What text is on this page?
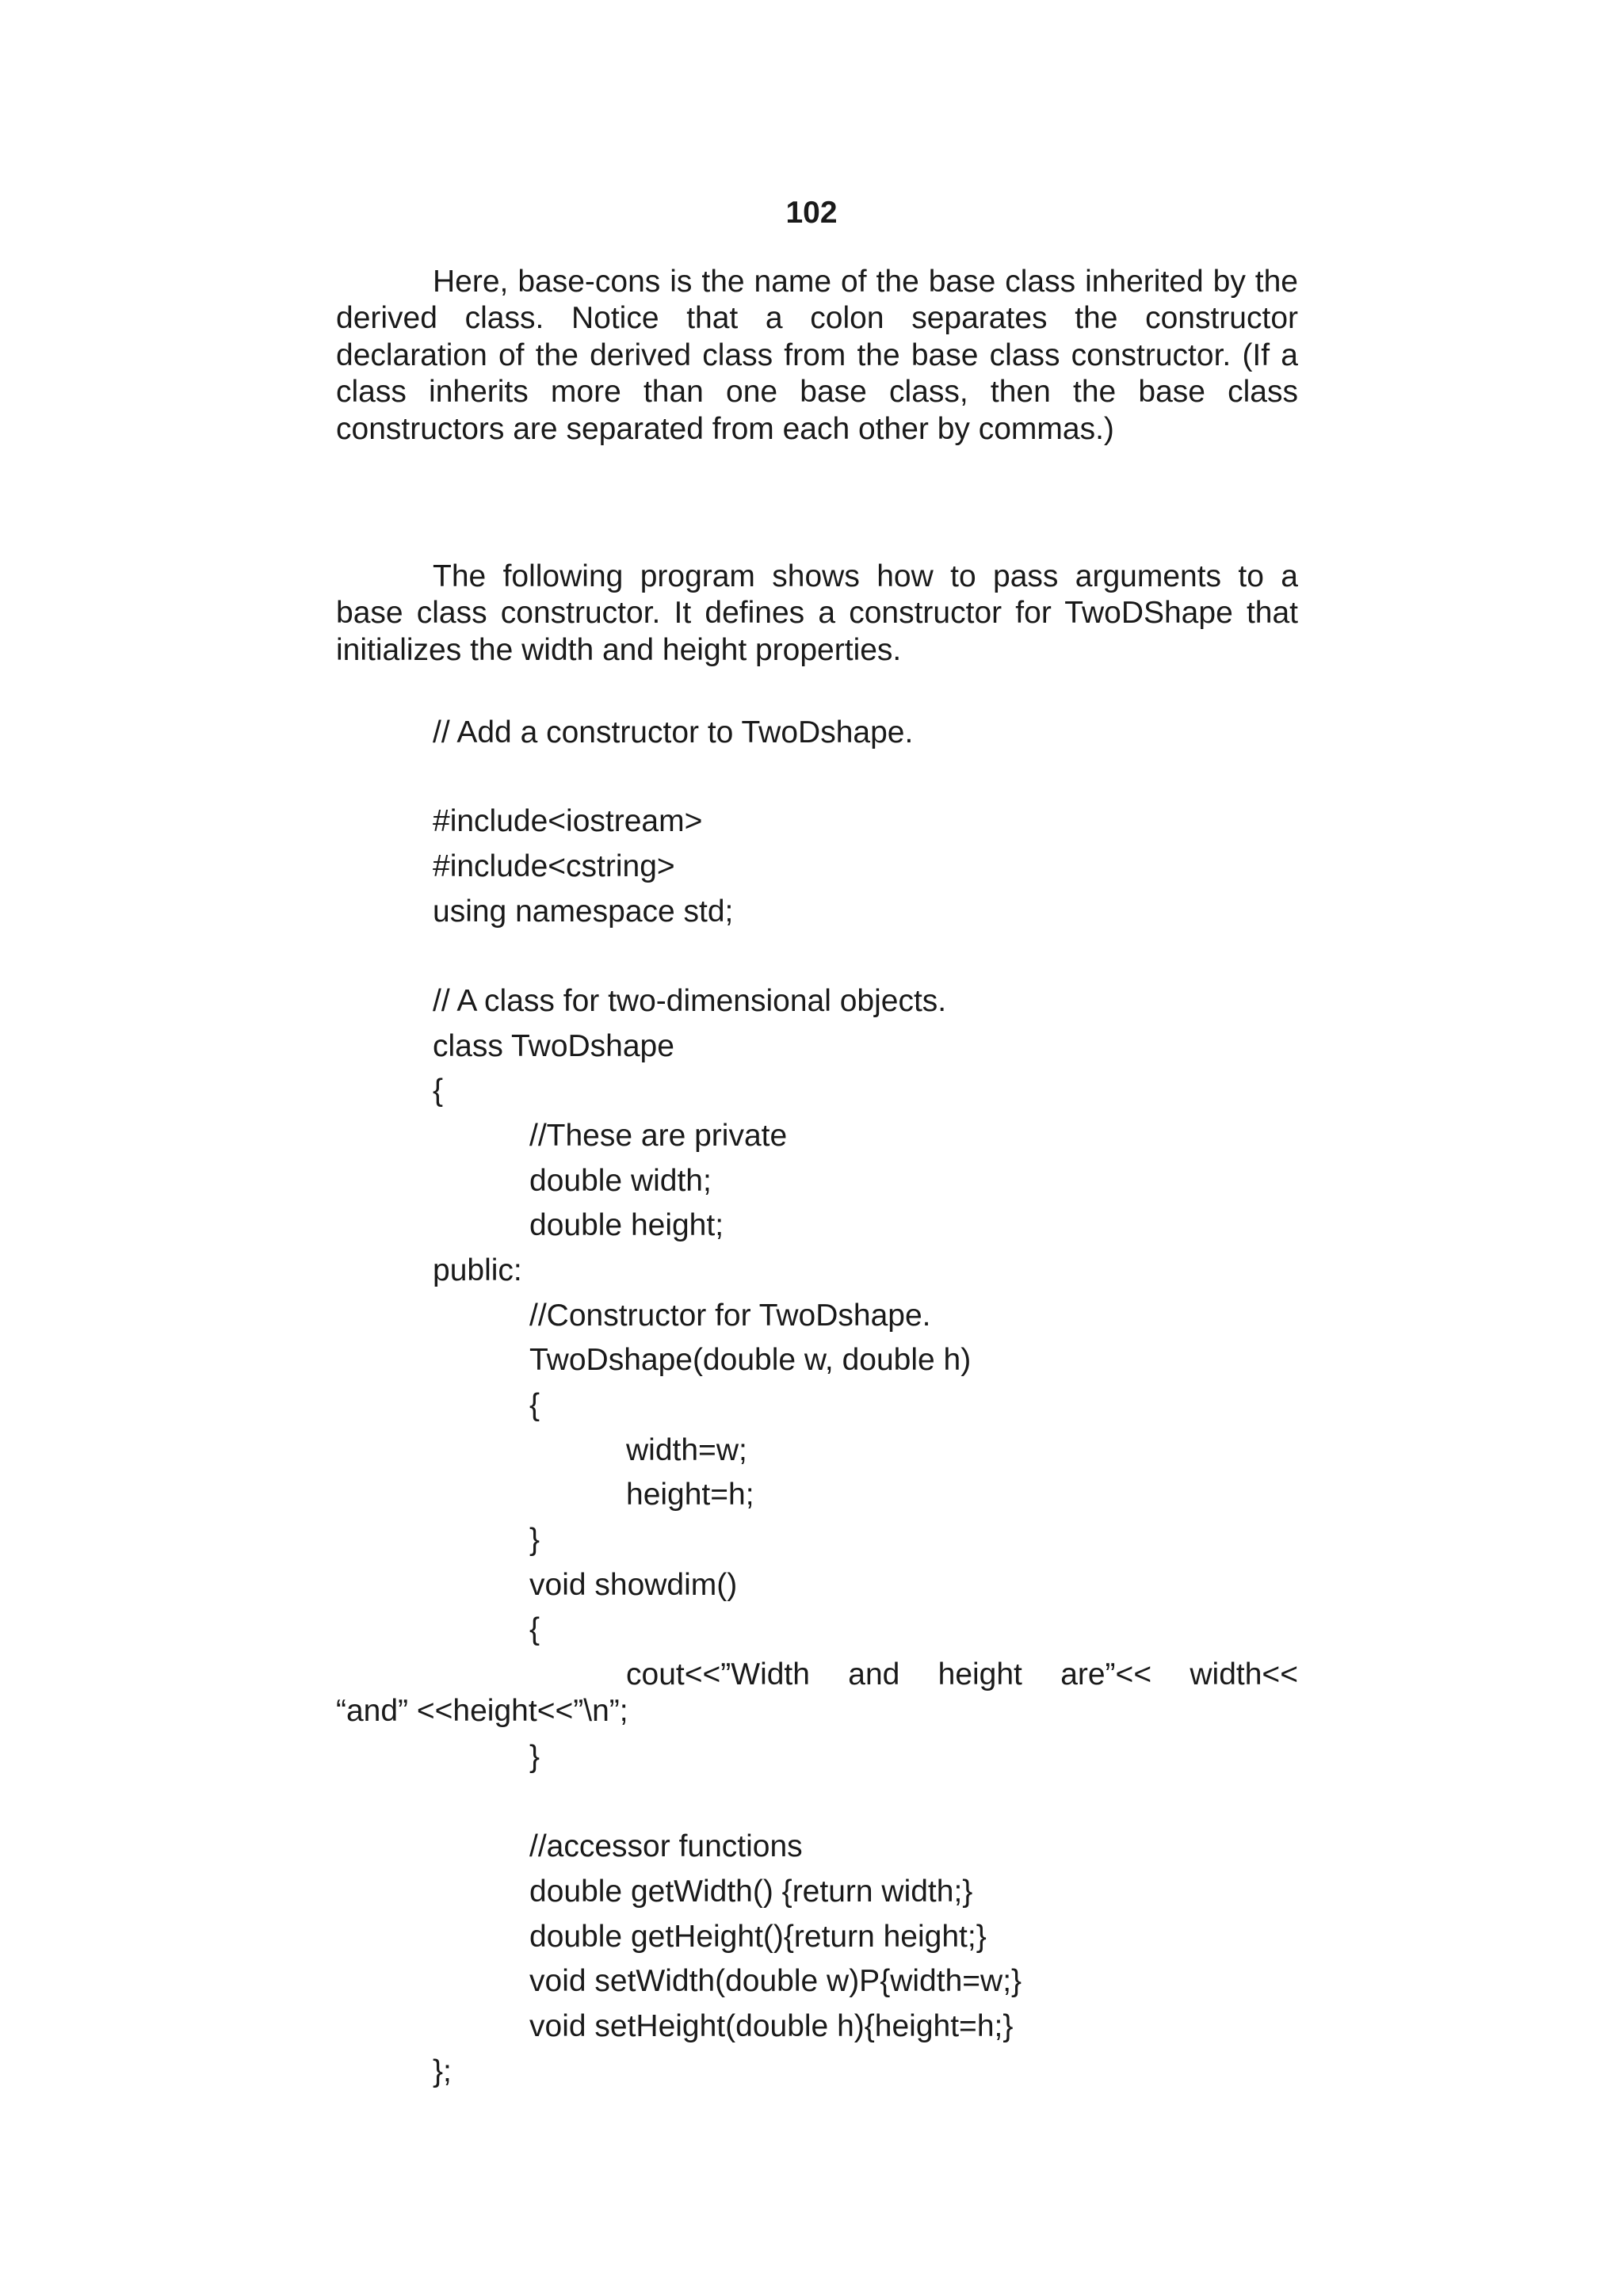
102

Here, base-cons is the name of the base class inherited by the derived class. Notice that a colon separates the constructor declaration of the derived class from the base class constructor. (If a class inherits more than one base class, then the base class constructors are separated from each other by commas.)

The following program shows how to pass arguments to a base class constructor. It defines a constructor for TwoDShape that initializes the width and height properties.

// Add a constructor to TwoDshape.
#include<iostream>
#include<cstring>
using namespace std;
// A class for two-dimensional objects.
class TwoDshape
{
//These are private
double width;
double height;
public:
//Constructor for TwoDshape.
TwoDshape(double w, double h)
{
width=w;
height=h;
}
void showdim()
{
cout<<”Width and height are”<< width<<
“and” <<height<<”\n”;
}
//accessor functions
double getWidth() {return width;}
double getHeight(){return height;}
void setWidth(double w)P{width=w;}
void setHeight(double h){height=h;}
};
